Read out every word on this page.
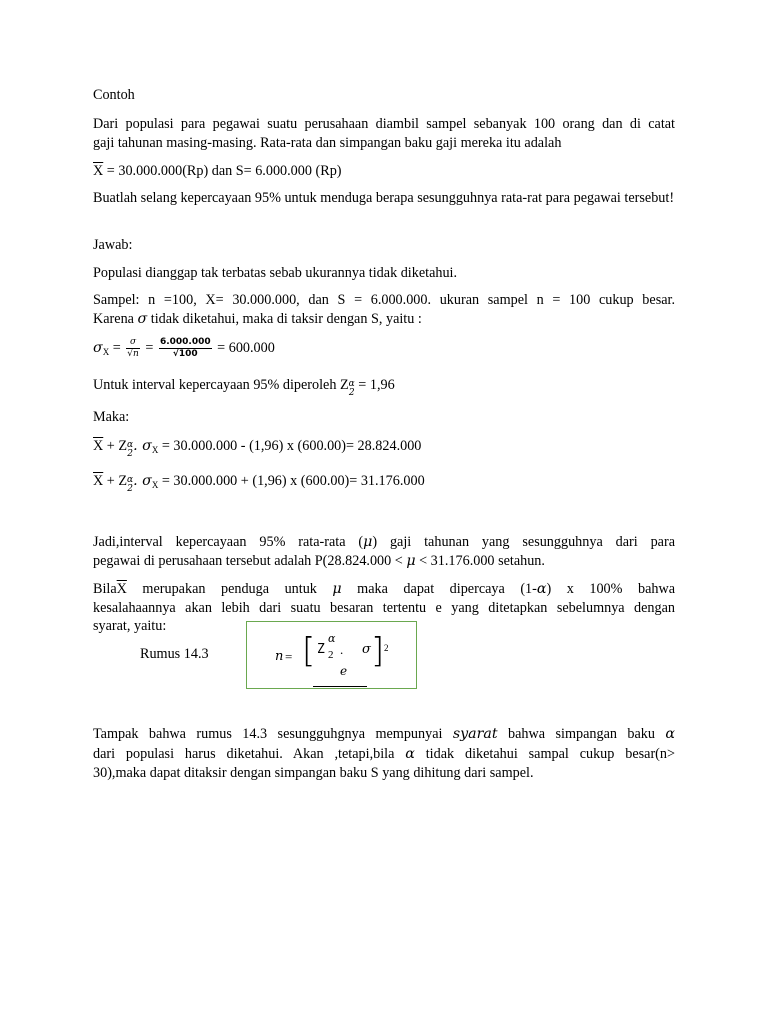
Contoh
Dari populasi para pegawai suatu perusahaan diambil sampel sebanyak 100 orang dan di catat
gaji tahunan masing-masing. Rata-rata dan simpangan baku gaji mereka itu adalah
$\overline{X} = 30.000.000(Rp)$ dan S= 6.000.000 (Rp)
Buatlah selang kepercayaan 95% untuk menduga berapa sesungguhnya rata-rat para pegawai tersebut!
Jawab:
Populasi dianggap tak terbatas sebab ukurannya tidak diketahui.
Sampel: n =100, X= 30.000.000, dan S = 6.000.000. ukuran sampel n = 100 cukup besar.
Karena σ tidak diketahui, maka di taksir dengan S, yaitu :
$\sigma_X = \frac{\sigma}{√n} = \frac{6.000.000}{√100} = 600.000$
Untuk interval kepercayaan 95% diperoleh Z α
2 = 1,96
Maka:
$\overline{X} + Z$ α
2 . $\sigma_X = 30.000.000 - (1,96)$ x (600.00)= 28.824.000
$\overline{X} + Z$ α
2 . $\sigma_X = 30.000.000 + (1,96)$ x (600.00)= 31.176.000
Jadi,interval kepercayaan 95% rata-rata (μ) gaji tahunan yang sesungguhnya dari para
pegawai di perusahaan tersebut adalah P(28.824.000 < μ < 31.176.000 setahun.
$Bila\overline{X}$ merupakan penduga untuk μ maka dapat dipercaya (1-α) x 100% bahwa
kesalahaannya akan lebih dari suatu besaran tertentu e yang ditetapkan sebelumnya dengan
syarat, yaitu:
Rumus 14.3	n = [ Z
α
2 .
e
σ ] 2
Tampak bahwa rumus 14.3 sesungguhgnya mempunyai syarat bahwa simpangan baku α
dari populasi harus diketahui. Akan ,tetapi,bila α tidak diketahui sampal cukup besar(n>
30),maka dapat ditaksir dengan simpangan baku S yang dihitung dari sampel.
